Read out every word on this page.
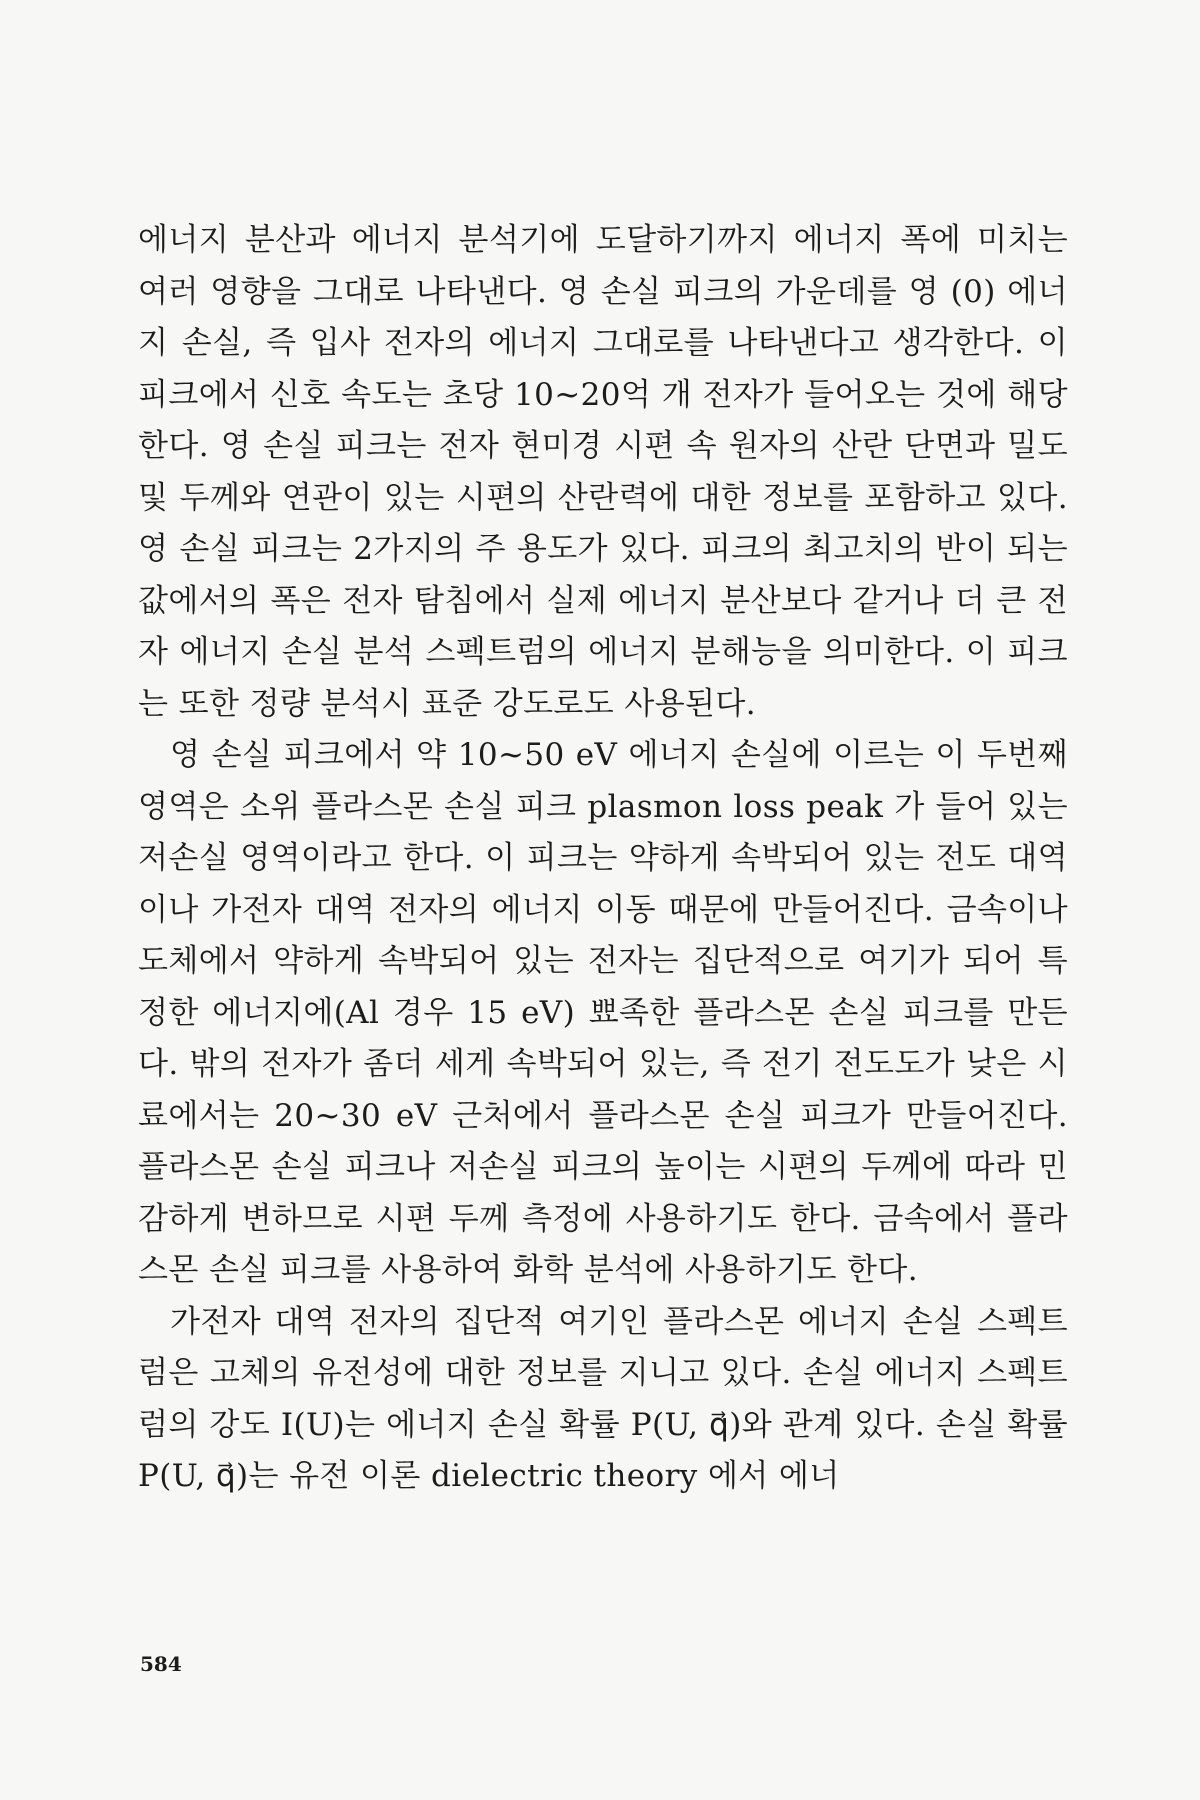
에너지 분산과 에너지 분석기에 도달하기까지 에너지 폭에 미치는 여러 영향을 그대로 나타낸다. 영 손실 피크의 가운데를 영 (0) 에너지 손실, 즉 입사 전자의 에너지 그대로를 나타낸다고 생각한다. 이 피크에서 신호 속도는 초당 10~20억 개 전자가 들어오는 것에 해당한다. 영 손실 피크는 전자 현미경 시편 속 원자의 산란 단면과 밀도 및 두께와 연관이 있는 시편의 산란력에 대한 정보를 포함하고 있다. 영 손실 피크는 2가지의 주 용도가 있다. 피크의 최고치의 반이 되는 값에서의 폭은 전자 탐침에서 실제 에너지 분산보다 같거나 더 큰 전자 에너지 손실 분석 스펙트럼의 에너지 분해능을 의미한다. 이 피크는 또한 정량 분석시 표준 강도로도 사용된다.

영 손실 피크에서 약 10~50 eV 에너지 손실에 이르는 이 두번째 영역은 소위 플라스몬 손실 피크 plasmon loss peak 가 들어 있는 저손실 영역이라고 한다. 이 피크는 약하게 속박되어 있는 전도 대역이나 가전자 대역 전자의 에너지 이동 때문에 만들어진다. 금속이나 도체에서 약하게 속박되어 있는 전자는 집단적으로 여기가 되어 특정한 에너지에(Al 경우 15 eV) 뾰족한 플라스몬 손실 피크를 만든다. 밖의 전자가 좀더 세게 속박되어 있는, 즉 전기 전도도가 낮은 시료에서는 20~30 eV 근처에서 플라스몬 손실 피크가 만들어진다. 플라스몬 손실 피크나 저손실 피크의 높이는 시편의 두께에 따라 민감하게 변하므로 시편 두께 측정에 사용하기도 한다. 금속에서 플라스몬 손실 피크를 사용하여 화학 분석에 사용하기도 한다.

가전자 대역 전자의 집단적 여기인 플라스몬 에너지 손실 스펙트럼은 고체의 유전성에 대한 정보를 지니고 있다. 손실 에너지 스펙트럼의 강도 I(U)는 에너지 손실 확률 P(U, q⃗)와 관계 있다. 손실 확률 P(U, q⃗)는 유전 이론 dielectric theory 에서 에너

584
